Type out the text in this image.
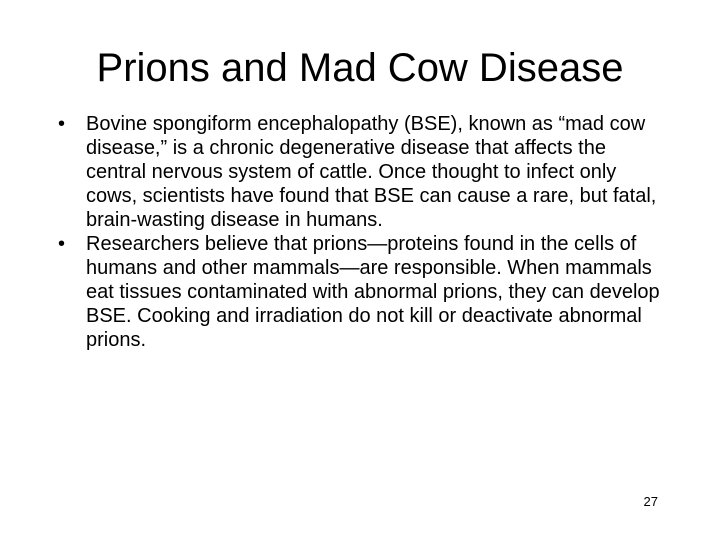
Prions and Mad Cow Disease
•	Bovine spongiform encephalopathy (BSE), known as “mad cow disease,” is a chronic degenerative disease that affects the central nervous system of cattle. Once thought to infect only cows, scientists have found that BSE can cause a rare, but fatal, brain-wasting disease in humans.
•	Researchers believe that prions—proteins found in the cells of humans and other mammals—are responsible. When mammals eat tissues contaminated with abnormal prions, they can develop BSE. Cooking and irradiation do not kill or deactivate abnormal prions.
27
